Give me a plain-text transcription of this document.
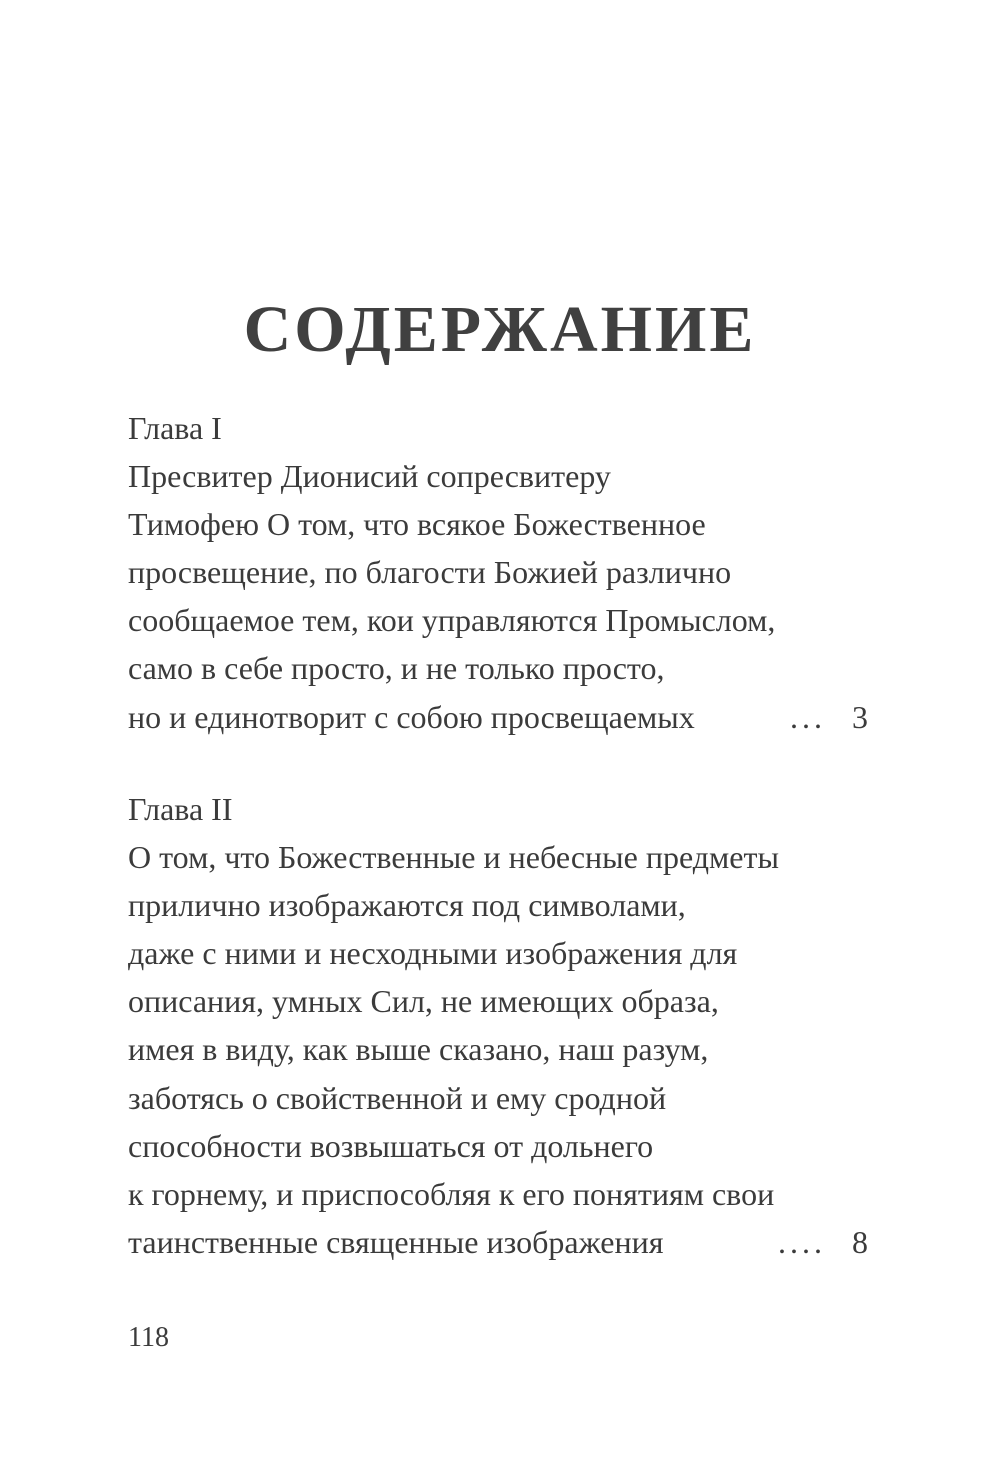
СОДЕРЖАНИЕ
Глава I
Пресвитер Дионисий сопресвитеру
Тимофею О том, что всякое Божественное
просвещение, по благости Божией различно
сообщаемое тем, кои управляются Промыслом,
само в себе просто, и не только просто,
но и единотворит с собою просвещаемых	... 3
Глава II
О том, что Божественные и небесные предметы
прилично изображаются под символами,
даже с ними и несходными изображения для
описания, умных Сил, не имеющих образа,
имея в виду, как выше сказано, наш разум,
заботясь о свойственной и ему сродной
способности возвышаться от дольнего
к горнему, и приспособляя к его понятиям свои
таинственные священные изображения	.... 8
118
